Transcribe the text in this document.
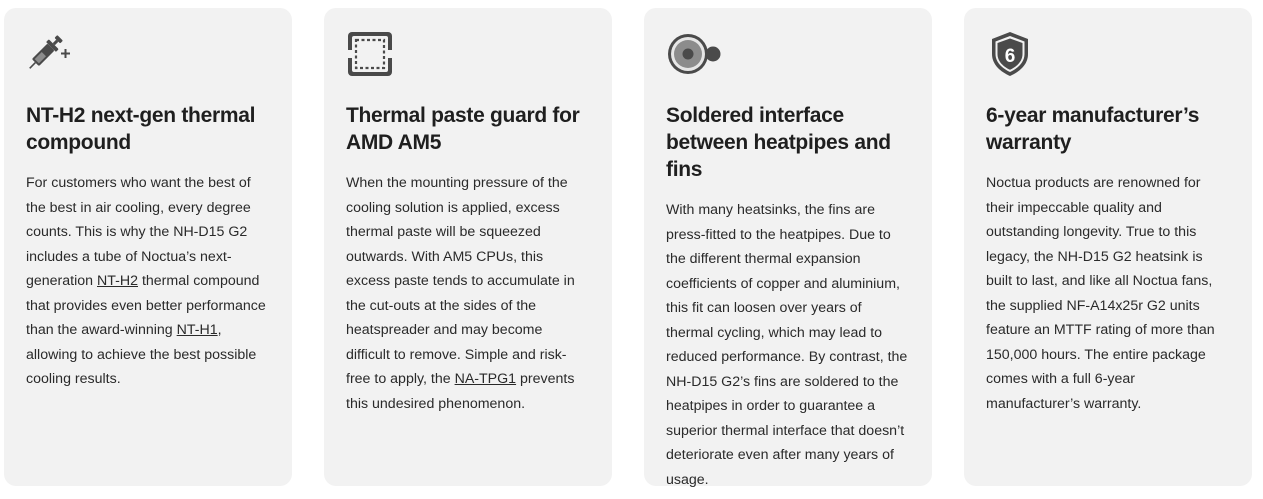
NT-H2 next-gen thermal compound

For customers who want the best of the best in air cooling, every degree counts. This is why the NH-D15 G2 includes a tube of Noctua’s next-generation NT-H2 thermal compound that provides even better performance than the award-winning NT-H1, allowing to achieve the best possible cooling results.

Thermal paste guard for AMD AM5

When the mounting pressure of the cooling solution is applied, excess thermal paste will be squeezed outwards. With AM5 CPUs, this excess paste tends to accumulate in the cut-outs at the sides of the heatspreader and may become difficult to remove. Simple and risk-free to apply, the NA-TPG1 prevents this undesired phenomenon.

Soldered interface between heatpipes and fins

With many heatsinks, the fins are press-fitted to the heatpipes. Due to the different thermal expansion coefficients of copper and aluminium, this fit can loosen over years of thermal cycling, which may lead to reduced performance. By contrast, the NH-D15 G2’s fins are soldered to the heatpipes in order to guarantee a superior thermal interface that doesn’t deteriorate even after many years of usage.

6
6-year manufacturer’s warranty

Noctua products are renowned for their impeccable quality and outstanding longevity. True to this legacy, the NH-D15 G2 heatsink is built to last, and like all Noctua fans, the supplied NF-A14x25r G2 units feature an MTTF rating of more than 150,000 hours. The entire package comes with a full 6-year manufacturer’s warranty.
